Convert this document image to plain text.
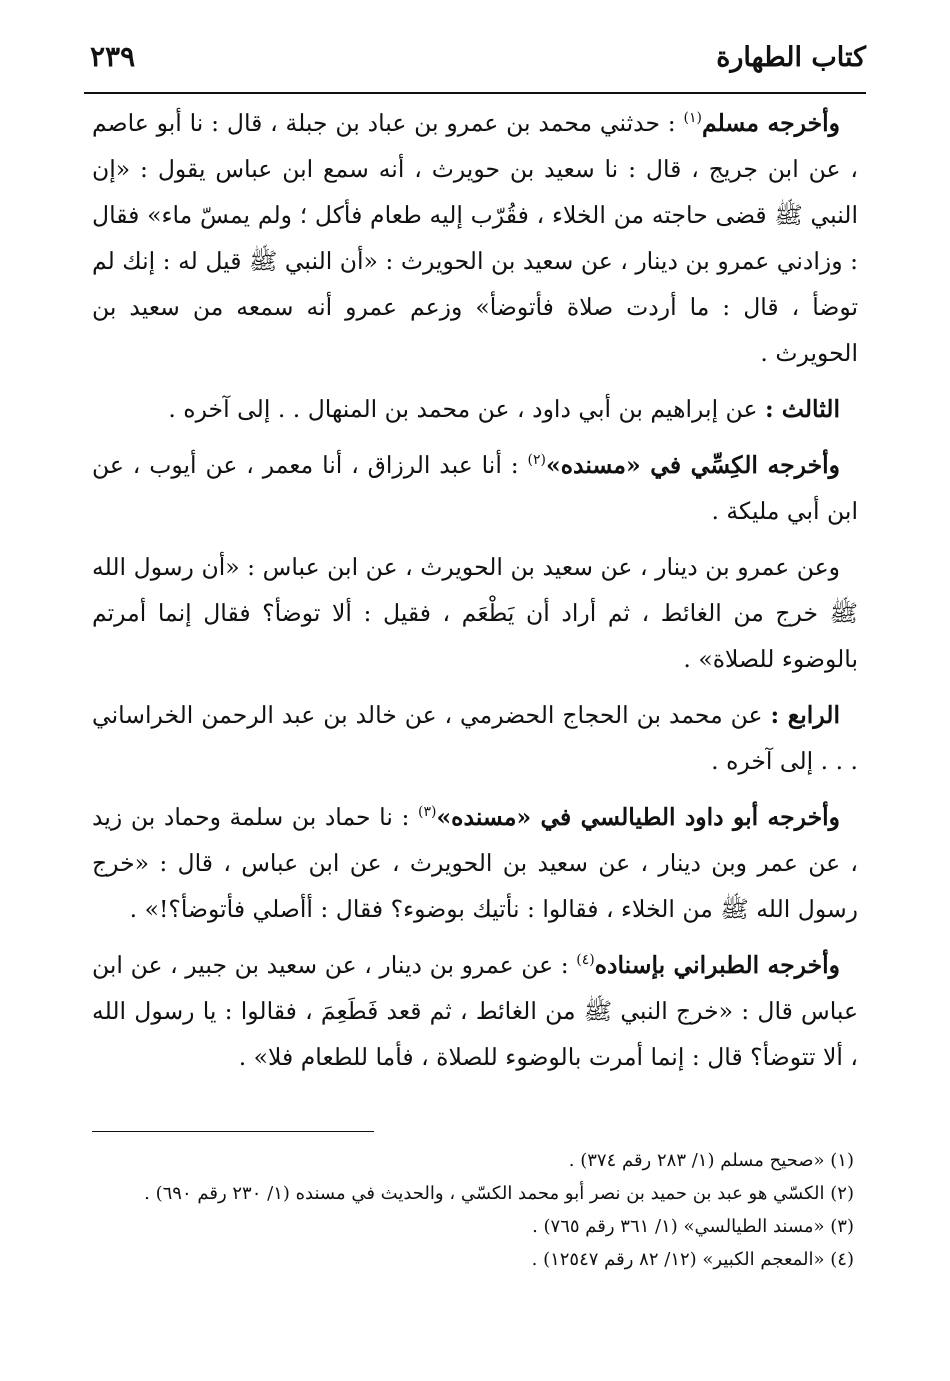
كتاب الطهارة
٢٣٩

وأخرجه مسلم$^{(١)}$ : حدثني محمد بن عمرو بن عباد بن جبلة ، قال : نا أبو عاصم ، عن ابن جريج ، قال : نا سعيد بن حويرث ، أنه سمع ابن عباس يقول : «إن النبي ﷺ قضى حاجته من الخلاء ، فقُرّب إليه طعام فأكل ؛ ولم يمسّ ماء» فقال : وزادني عمرو بن دينار ، عن سعيد بن الحويرث : «أن النبي ﷺ قيل له : إنك لم توضأ ، قال : ما أردت صلاة فأتوضأ» وزعم عمرو أنه سمعه من سعيد بن الحويرث .

الثالث : عن إبراهيم بن أبي داود ، عن محمد بن المنهال . . إلى آخره .

وأخرجه الكِسِّي في «مسنده»$^{(٢)}$ : أنا عبد الرزاق ، أنا معمر ، عن أيوب ، عن ابن أبي مليكة .

وعن عمرو بن دينار ، عن سعيد بن الحويرث ، عن ابن عباس : «أن رسول الله ﷺ خرج من الغائط ، ثم أراد أن يَطْعَم ، فقيل : ألا توضأ؟ فقال إنما أمرتم بالوضوء للصلاة» .

الرابع : عن محمد بن الحجاج الحضرمي ، عن خالد بن عبد الرحمن الخراساني . . . إلى آخره .

وأخرجه أبو داود الطيالسي في «مسنده»$^{(٣)}$ : نا حماد بن سلمة وحماد بن زيد ، عن عمر وبن دينار ، عن سعيد بن الحويرث ، عن ابن عباس ، قال : «خرج رسول الله ﷺ من الخلاء ، فقالوا : نأتيك بوضوء؟ فقال : أأصلي فأتوضأ؟!» .

وأخرجه الطبراني بإسناده$^{(٤)}$ : عن عمرو بن دينار ، عن سعيد بن جبير ، عن ابن عباس قال : «خرج النبي ﷺ من الغائط ، ثم قعد فَطَعِمَ ، فقالوا : يا رسول الله ، ألا تتوضأ؟ قال : إنما أمرت بالوضوء للصلاة ، فأما للطعام فلا» .

(١) «صحيح مسلم (١/ ٢٨٣ رقم ٣٧٤) .

(٢) الكسّي هو عبد بن حميد بن نصر أبو محمد الكسّي ، والحديث في مسنده (١/ ٢٣٠ رقم ٦٩٠) .

(٣) «مسند الطيالسي» (١/ ٣٦١ رقم ٧٦٥) .

(٤) «المعجم الكبير» (١٢/ ٨٢ رقم ١٢٥٤٧) .
